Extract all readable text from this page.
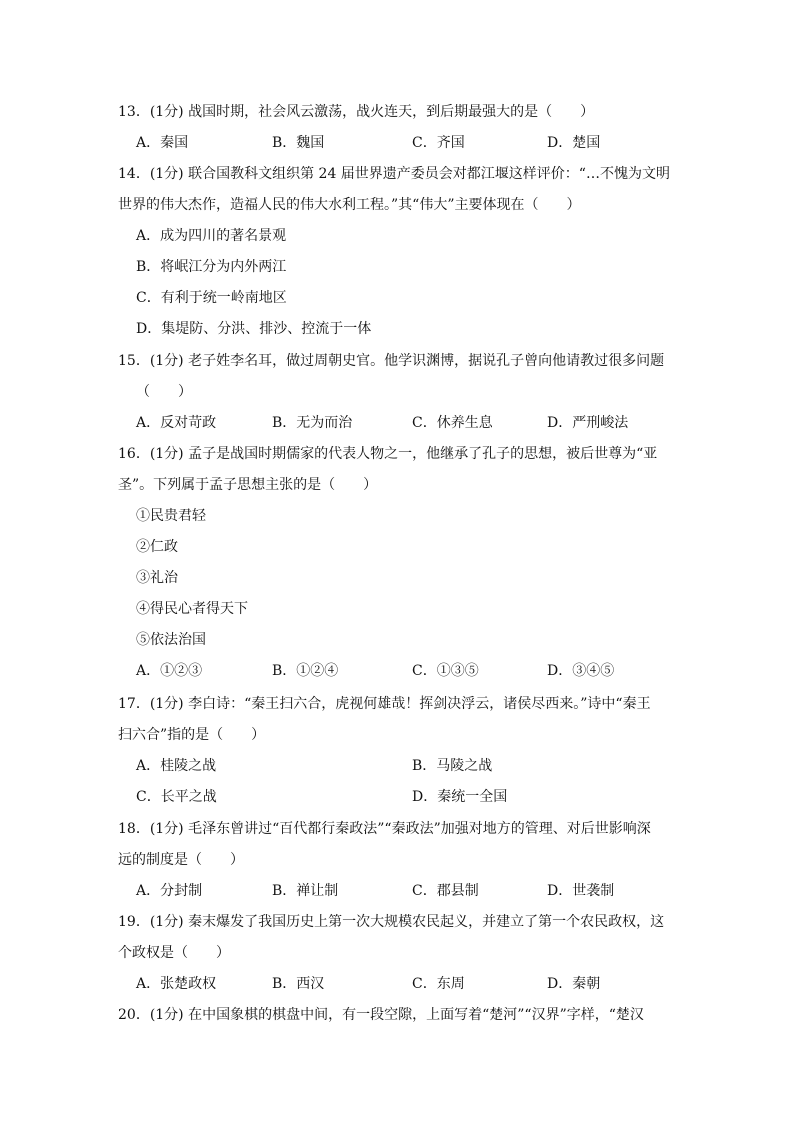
13．(1分) 战国时期，社会风云激荡，战火连天，到后期最强大的是（　　）
A．秦国	B．魏国	C．齐国	D．楚国
14．(1分) 联合国教科文组织第 24 届世界遗产委员会对都江堰这样评价：“…不愧为文明
世界的伟大杰作，造福人民的伟大水利工程。”其“伟大”主要体现在（　　）
A．成为四川的著名景观
B．将岷江分为内外两江
C．有利于统一岭南地区
D．集堤防、分洪、排沙、控流于一体
15．(1分) 老子姓李名耳，做过周朝史官。他学识渊博，据说孔子曾向他请教过很多问题
（　　）
A．反对苛政	B．无为而治	C．休养生息	D．严刑峻法
16．(1分) 孟子是战国时期儒家的代表人物之一，他继承了孔子的思想，被后世尊为“亚
圣”。下列属于孟子思想主张的是（　　）
①民贵君轻
②仁政
③礼治
④得民心者得天下
⑤依法治国
A．①②③	B．①②④	C．①③⑤	D．③④⑤
17．(1分) 李白诗：“秦王扫六合，虎视何雄哉！挥剑决浮云，诸侯尽西来。”诗中“秦王
扫六合”指的是（　　）
A．桂陵之战	B．马陵之战
C．长平之战	D．秦统一全国
18．(1分) 毛泽东曾讲过“百代都行秦政法”“秦政法”加强对地方的管理、对后世影响深
远的制度是（　　）
A．分封制	B．禅让制	C．郡县制	D．世袭制
19．(1分) 秦末爆发了我国历史上第一次大规模农民起义，并建立了第一个农民政权，这
个政权是（　　）
A．张楚政权	B．西汉	C．东周	D．秦朝
20．(1分) 在中国象棋的棋盘中间，有一段空隙，上面写着“楚河”“汉界”字样，“楚汉
